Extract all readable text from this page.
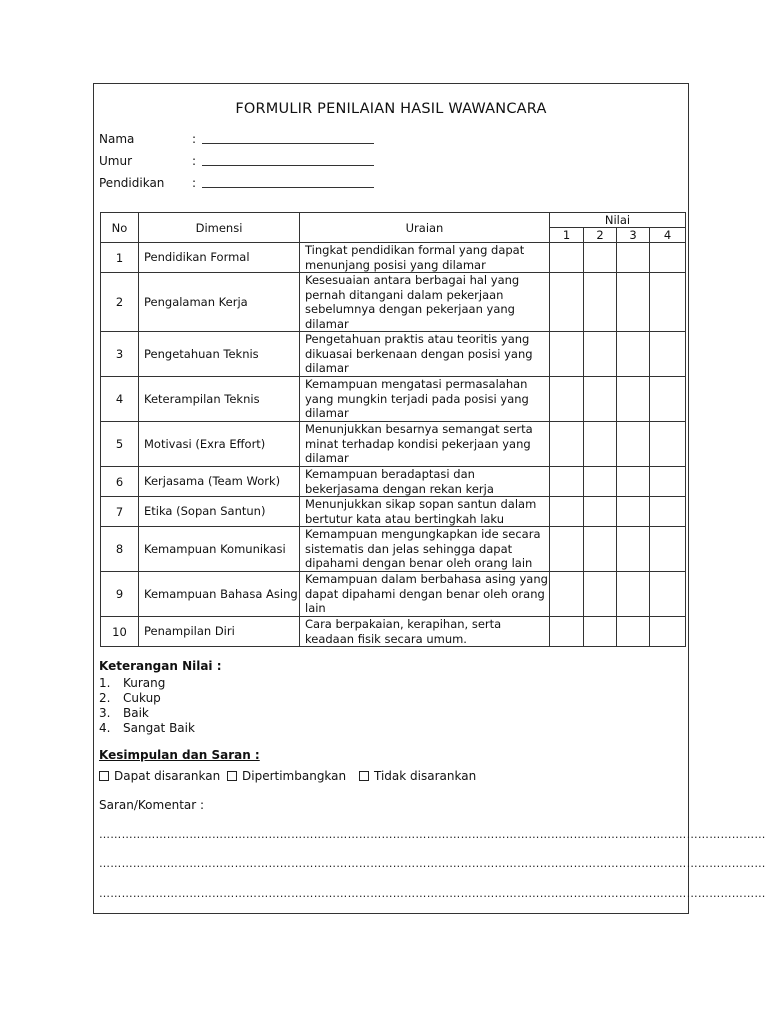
FORMULIR PENILAIAN HASIL WAWANCARA
Nama	:
Umur	:
Pendidikan :
No	Dimensi	Uraian	Nilai			
			1	2	3	4
1	Pendidikan Formal	Tingkat pendidikan formal yang dapat menunjang posisi yang dilamar				
2	Pengalaman Kerja	Kesesuaian antara berbagai hal yang pernah ditangani dalam pekerjaan sebelumnya dengan pekerjaan yang dilamar				
3	Pengetahuan Teknis	Pengetahuan praktis atau teoritis yang dikuasai berkenaan dengan posisi yang dilamar				
4	Keterampilan Teknis	Kemampuan mengatasi permasalahan yang mungkin terjadi pada posisi yang dilamar				
5	Motivasi (Exra Effort)	Menunjukkan besarnya semangat serta minat terhadap kondisi pekerjaan yang dilamar				
6	Kerjasama (Team Work)	Kemampuan beradaptasi dan bekerjasama dengan rekan kerja				
7	Etika (Sopan Santun)	Menunjukkan sikap sopan santun dalam bertutur kata atau bertingkah laku				
8	Kemampuan Komunikasi	Kemampuan mengungkapkan ide secara sistematis dan jelas sehingga dapat dipahami dengan benar oleh orang lain				
9	Kemampuan Bahasa Asing	Kemampuan dalam berbahasa asing yang dapat dipahami dengan benar oleh orang lain				
10	Penampilan Diri	Cara berpakaian, kerapihan, serta keadaan fisik secara umum.				
Keterangan Nilai :
1. Kurang
2. Cukup
3. Baik
4. Sangat Baik
Kesimpulan dan Saran :
Dapat disarankan Dipertimbangkan Tidak disarankan
Saran/Komentar :
……………………………………………………………………………………………………………………………………………………………
……………………………………………………………………………………………………………………………………………………………
……………………………………………………………………………………………………………………………………………………………
